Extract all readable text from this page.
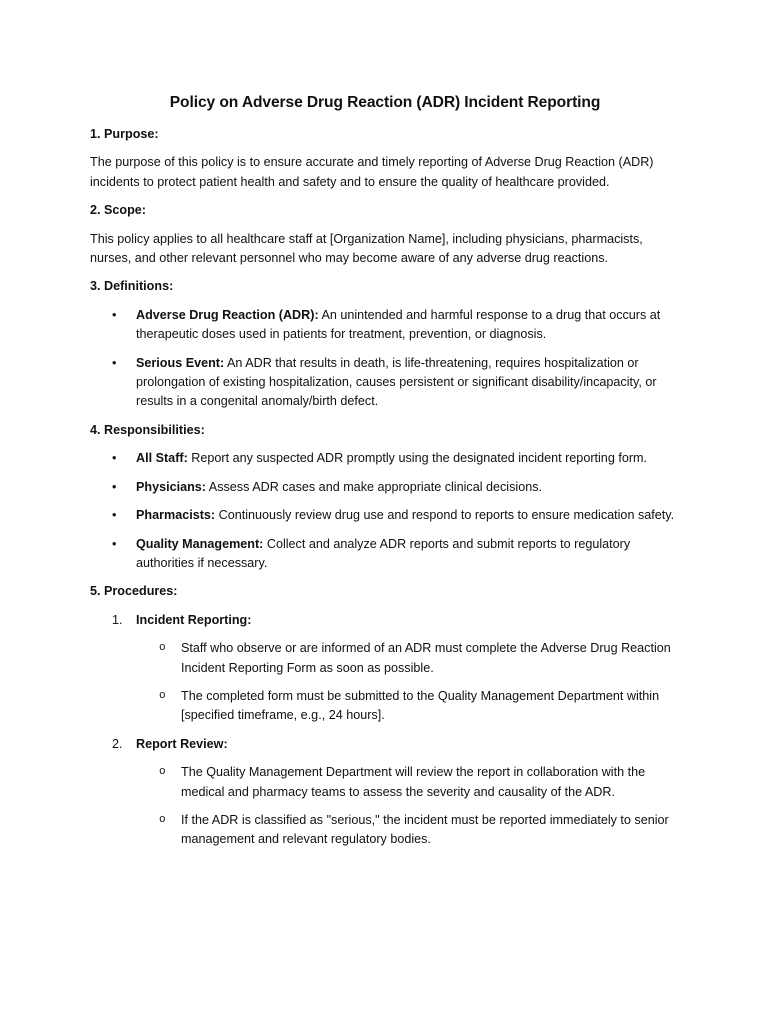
Policy on Adverse Drug Reaction (ADR) Incident Reporting
1. Purpose:
The purpose of this policy is to ensure accurate and timely reporting of Adverse Drug Reaction (ADR) incidents to protect patient health and safety and to ensure the quality of healthcare provided.
2. Scope:
This policy applies to all healthcare staff at [Organization Name], including physicians, pharmacists, nurses, and other relevant personnel who may become aware of any adverse drug reactions.
3. Definitions:
• Adverse Drug Reaction (ADR): An unintended and harmful response to a drug that occurs at therapeutic doses used in patients for treatment, prevention, or diagnosis.
• Serious Event: An ADR that results in death, is life-threatening, requires hospitalization or prolongation of existing hospitalization, causes persistent or significant disability/incapacity, or results in a congenital anomaly/birth defect.
4. Responsibilities:
• All Staff: Report any suspected ADR promptly using the designated incident reporting form.
• Physicians: Assess ADR cases and make appropriate clinical decisions.
• Pharmacists: Continuously review drug use and respond to reports to ensure medication safety.
• Quality Management: Collect and analyze ADR reports and submit reports to regulatory authorities if necessary.
5. Procedures:
1. Incident Reporting:
o Staff who observe or are informed of an ADR must complete the Adverse Drug Reaction Incident Reporting Form as soon as possible.
o The completed form must be submitted to the Quality Management Department within [specified timeframe, e.g., 24 hours].
2. Report Review:
o The Quality Management Department will review the report in collaboration with the medical and pharmacy teams to assess the severity and causality of the ADR.
o If the ADR is classified as "serious," the incident must be reported immediately to senior management and relevant regulatory bodies.
